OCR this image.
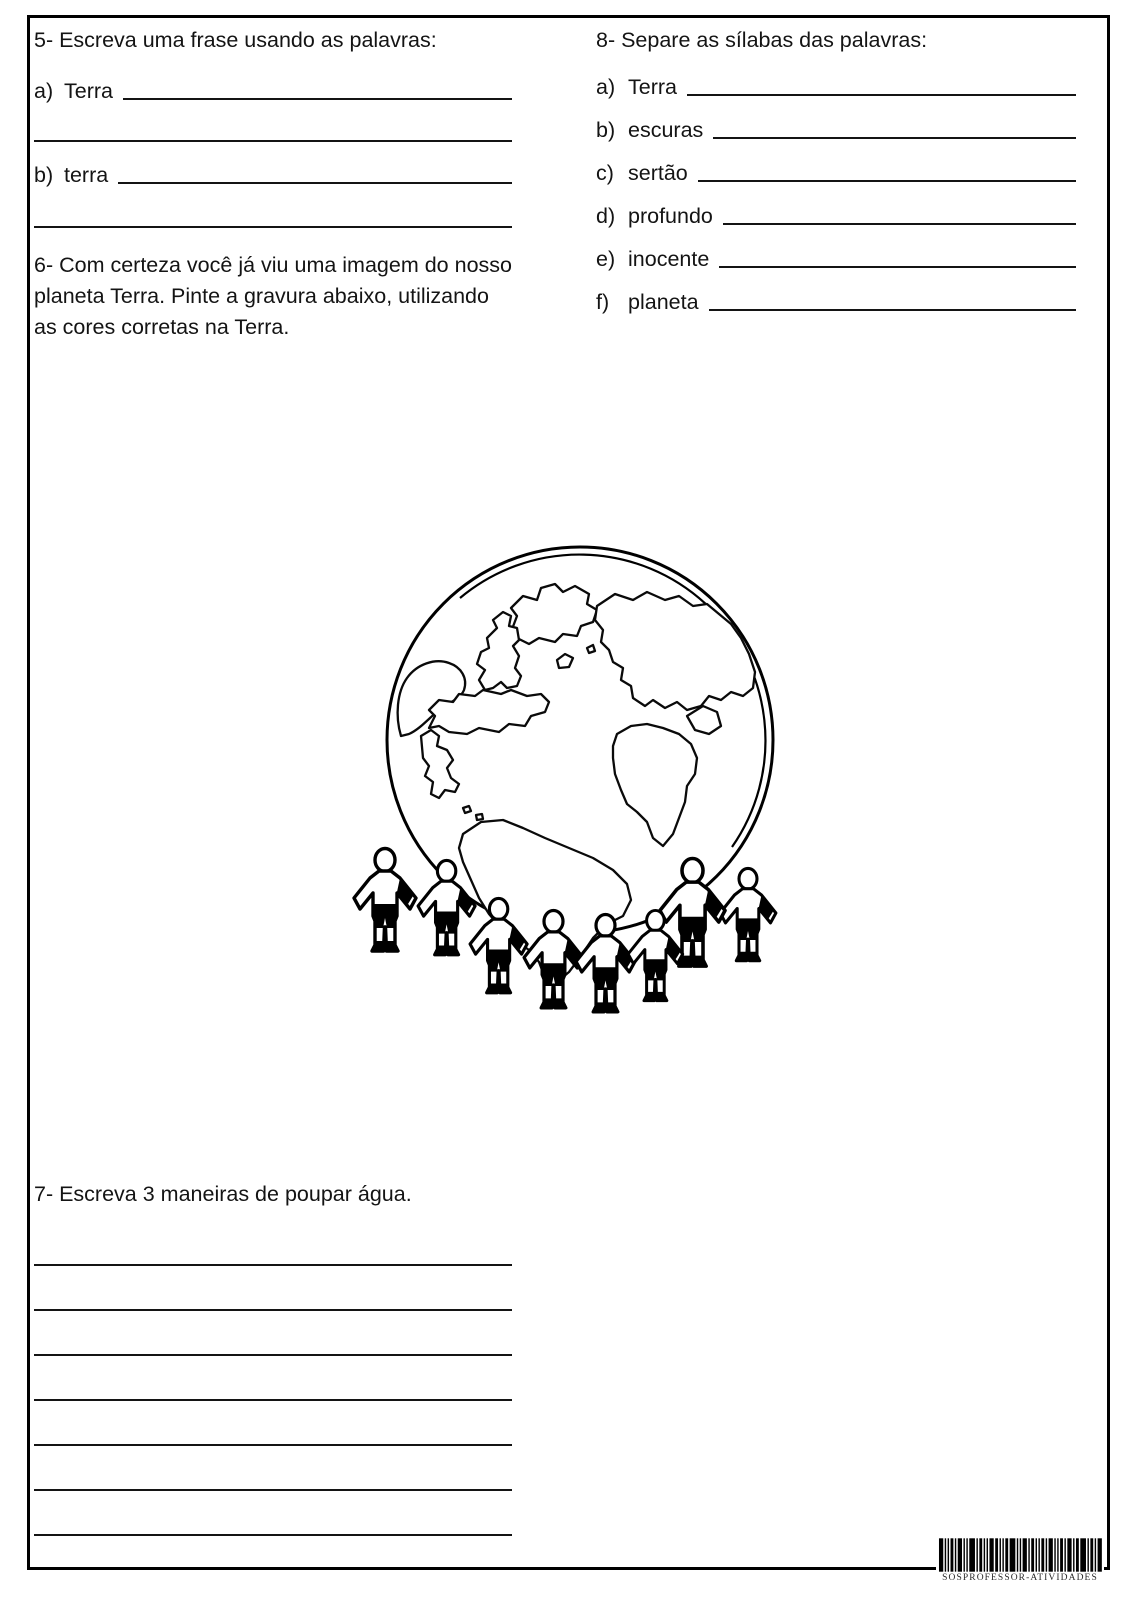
5- Escreva uma frase usando as palavras:
a) Terra
b) terra
8- Separe as sílabas das palavras:
a) Terra
b) escuras
c) sertão
d) profundo
e) inocente
f) planeta
6- Com certeza você já viu uma imagem do nosso
planeta Terra. Pinte a gravura abaixo, utilizando
as cores corretas na Terra.
7- Escreva 3 maneiras de poupar água.
SOSPROFESSOR-ATIVIDADES
